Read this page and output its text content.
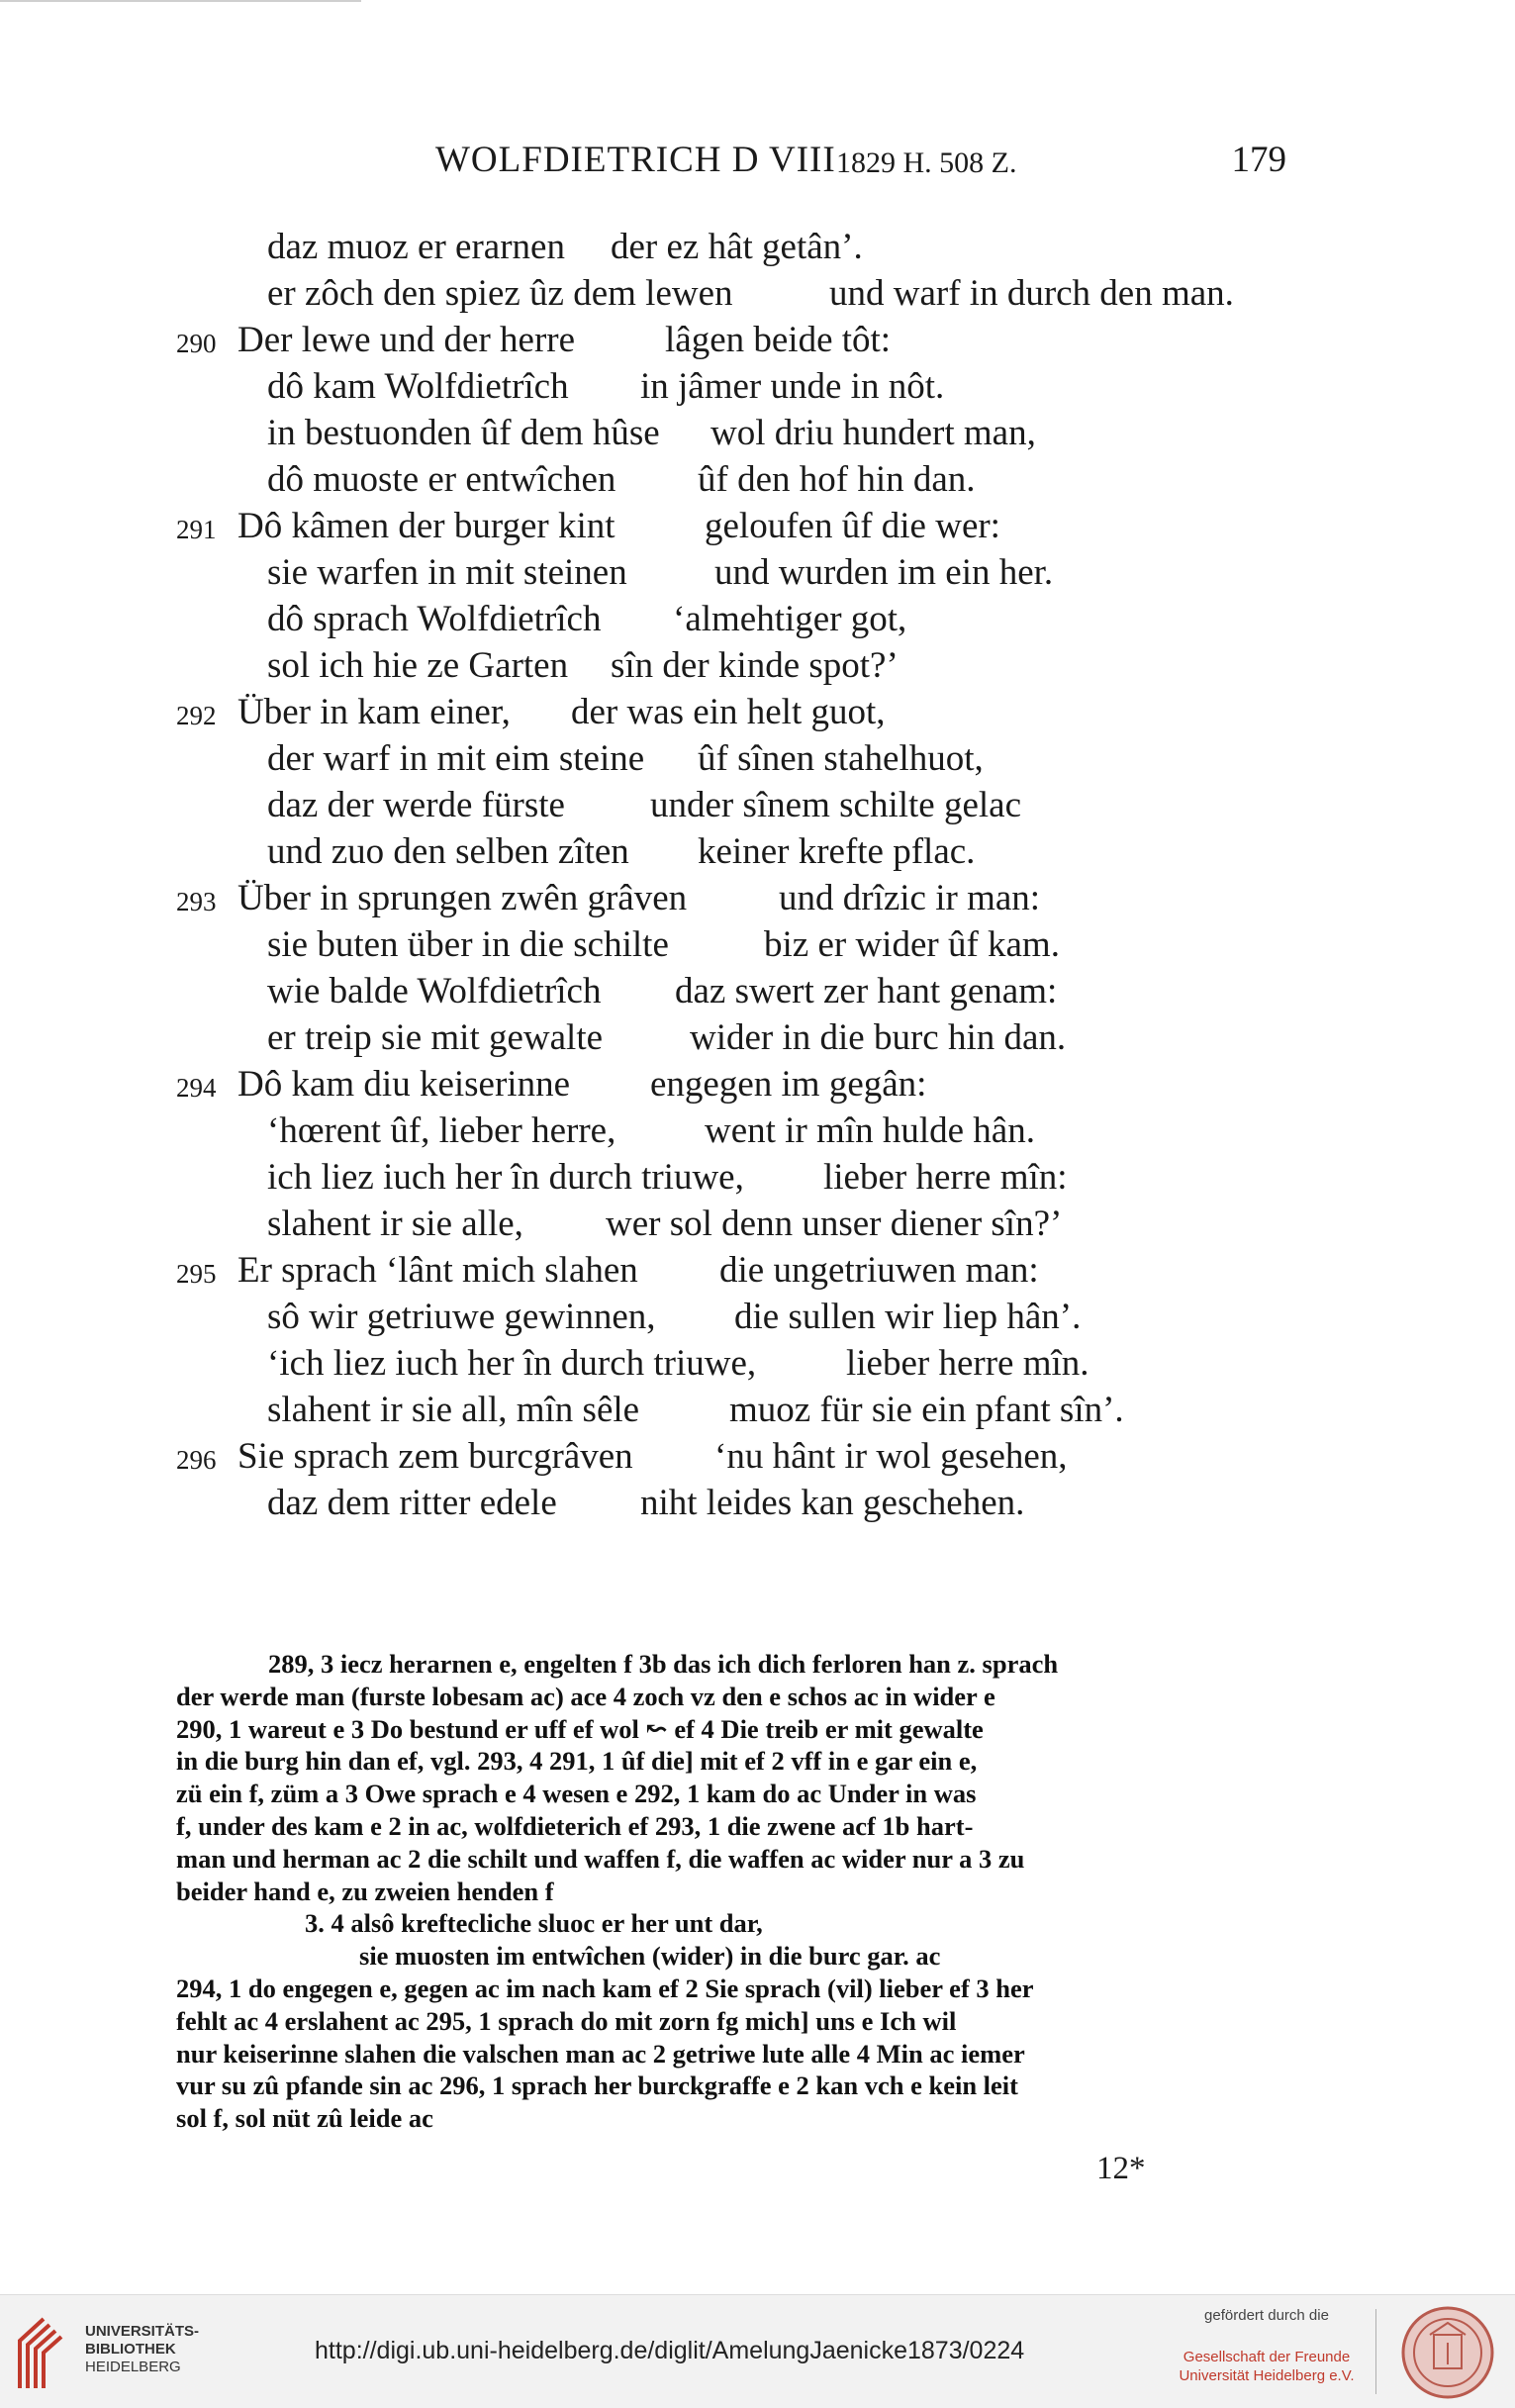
WOLFDIETRICH D VIII 1829 H. 508 Z.	179
daz muoz er erarnen der ez hât getân’.
er zôch den spiez ûz dem lewen	und warf in durch den man.
290 Der lewe und der herre lâgen beide tôt:
dô kam Wolfdietrîch in jâmer unde in nôt.
in bestuonden ûf dem hûse wol driu hundert man,
dô muoste er entwîchen ûf den hof hin dan.
291 Dô kâmen der burger kint geloufen ûf die wer:
sie warfen in mit steinen und wurden im ein her.
dô sprach Wolfdietrîch ‘almehtiger got,
sol ich hie ze Garten sîn der kinde spot?’
292 Über in kam einer, der was ein helt guot,
der warf in mit eim steine ûf sînen stahelhuot,
daz der werde fürste under sînem schilte gelac
und zuo den selben zîten keiner krefte pflac.
293 Über in sprungen zwên grâven	und drîzic ir man:
sie buten über in die schilte	biz er wider ûf kam.
wie balde Wolfdietrîch daz swert zer hant genam:
er treip sie mit gewalte wider in die burc hin dan.
294 Dô kam diu keiserinne engegen im gegân:
‘hœrent ûf, lieber herre, went ir mîn hulde hân.
ich liez iuch her în durch triuwe, lieber herre mîn:
slahent ir sie alle, wer sol denn unser diener sîn?’
295 Er sprach ‘lânt mich slahen die ungetriuwen man:
sô wir getriuwe gewinnen, die sullen wir liep hân’.
‘ich liez iuch her în durch triuwe, lieber herre mîn.
slahent ir sie all, mîn sêle muoz für sie ein pfant sîn’.
296 Sie sprach zem burcgrâven ‘nu hânt ir wol gesehen,
daz dem ritter edele niht leides kan geschehen.
289, 3 iecz herarnen e, engelten f 3b das ich dich ferloren han z. sprach
der werde man (furste lobesam ac) ace 4 zoch vz den e schos ac in wider e
290, 1 wareut e 3 Do bestund er uff ef wol ↜ ef 4 Die treib er mit gewalte
in die burg hin dan ef, vgl. 293, 4 291, 1 ûf die] mit ef 2 vff in e gar ein e,
zü ein f, züm a 3 Owe sprach e 4 wesen e 292, 1 kam do ac Under in was
f, under des kam e 2 in ac, wolfdieterich ef 293, 1 die zwene acf 1b hart-
man und herman ac 2 die schilt und waffen f, die waffen ac wider nur a 3 zu
beider hand e, zu zweien henden f
3. 4 alsô kreftecliche sluoc er her unt dar,
sie muosten im entwîchen (wider) in die burc gar. ac
294, 1 do engegen e, gegen ac im nach kam ef 2 Sie sprach (vil) lieber ef 3 her
fehlt ac 4 erslahent ac 295, 1 sprach do mit zorn fg mich] uns e Ich wil
nur keiserinne slahen die valschen man ac 2 getriwe lute alle 4 Min ac iemer
vur su zû pfande sin ac 296, 1 sprach her burckgraffe e 2 kan vch e kein leit
sol f, sol nüt zû leide ac
12*
UNIVERSITÄTS-
BIBLIOTHEK
HEIDELBERG
http://digi.ub.uni-heidelberg.de/diglit/AmelungJaenicke1873/0224
gefördert durch die
Gesellschaft der Freunde
Universität Heidelberg e.V.
